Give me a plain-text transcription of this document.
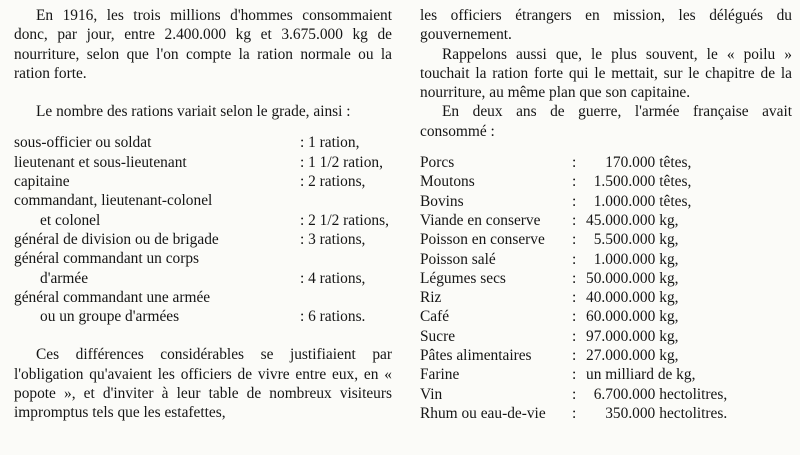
En 1916, les trois millions d'hommes consommaient donc, par jour, entre 2.400.000 kg et 3.675.000 kg de nourriture, selon que l'on compte la ration normale ou la ration forte.

Le nombre des rations variait selon le grade, ainsi :

sous-officier ou soldat	: 1 ration,
lieutenant et sous-lieutenant	: 1 1/2 ration,
capitaine	: 2 rations,
commandant, lieutenant-colonel	
et colonel	: 2 1/2 rations,
général de division ou de brigade	: 3 rations,
général commandant un corps	
d'armée	: 4 rations,
général commandant une armée	
ou un groupe d'armées	: 6 rations.

Ces différences considérables se justifiaient par l'obligation qu'avaient les officiers de vivre entre eux, en « popote », et d'inviter à leur table de nombreux visiteurs impromptus tels que les estafettes,

les officiers étrangers en mission, les délégués du gouvernement.

Rappelons aussi que, le plus souvent, le « poilu » touchait la ration forte qui le mettait, sur le chapitre de la nourriture, au même plan que son capitaine.

En deux ans de guerre, l'armée française avait consommé :

Porcs	:	170.000	têtes,
Moutons	:	1.500.000	têtes,
Bovins	:	1.000.000	têtes,
Viande en conserve	:	45.000.000	kg,
Poisson en conserve	:	5.500.000	kg,
Poisson salé	:	1.000.000	kg,
Légumes secs	:	50.000.000	kg,
Riz	:	40.000.000	kg,
Café	:	60.000.000	kg,
Sucre	:	97.000.000	kg,
Pâtes alimentaires	:	27.000.000	kg,
Farine	:	un milliard de kg,	
Vin	:	6.700.000	hectolitres,
Rhum ou eau-de-vie	:	350.000	hectolitres.
